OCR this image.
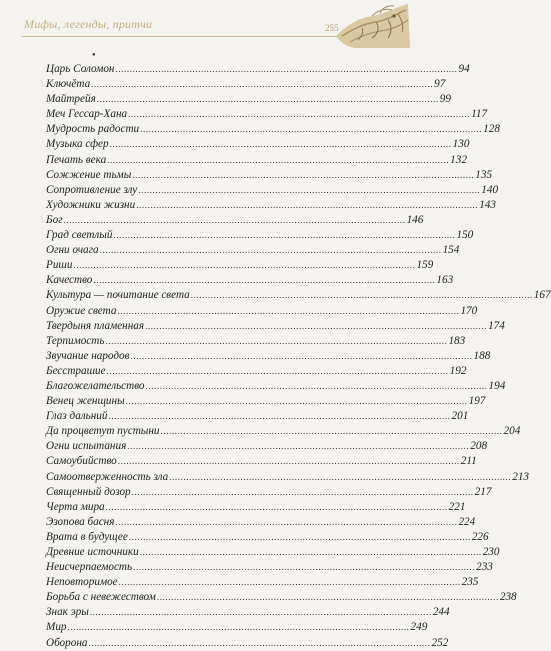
Мифы, легенды, притчи	255
●
Царь Соломон ........................................................................................................................ 94
Ключĕта ........................................................................................................................ 97
Майтрейя ........................................................................................................................ 99
Меч Гессар-Хана ........................................................................................................................ 117
Мудрость радости ........................................................................................................................ 128
Музыка сфер ........................................................................................................................ 130
Печать века ........................................................................................................................ 132
Сожжение тьмы ........................................................................................................................ 135
Сопротивление злу ........................................................................................................................ 140
Художники жизни ........................................................................................................................ 143
Бог ........................................................................................................................ 146
Град светлый ........................................................................................................................ 150
Огни очага ........................................................................................................................ 154
Риши ........................................................................................................................ 159
Качество ........................................................................................................................ 163
Культура — почитание света ........................................................................................................................ 167
Оружие света ........................................................................................................................ 170
Твердыня пламенная ........................................................................................................................ 174
Терпимость ........................................................................................................................ 183
Звучание народов ........................................................................................................................ 188
Бесстрашие ........................................................................................................................ 192
Благожелательство ........................................................................................................................ 194
Венец женщины ........................................................................................................................ 197
Глаз дальний ........................................................................................................................ 201
Да процветут пустыни ........................................................................................................................ 204
Огни испытания ........................................................................................................................ 208
Самоубийство ........................................................................................................................ 211
Самоотверженность зла ........................................................................................................................ 213
Священный дозор ........................................................................................................................ 217
Черта мира ........................................................................................................................ 221
Эзопова басня ........................................................................................................................ 224
Врата в будущее ........................................................................................................................ 226
Древние источники ........................................................................................................................ 230
Неисчерпаемость ........................................................................................................................ 233
Неповторимое ........................................................................................................................ 235
Борьба с невежеством ........................................................................................................................ 238
Знак эры ........................................................................................................................ 244
Мир ........................................................................................................................ 249
Оборона ........................................................................................................................ 252
